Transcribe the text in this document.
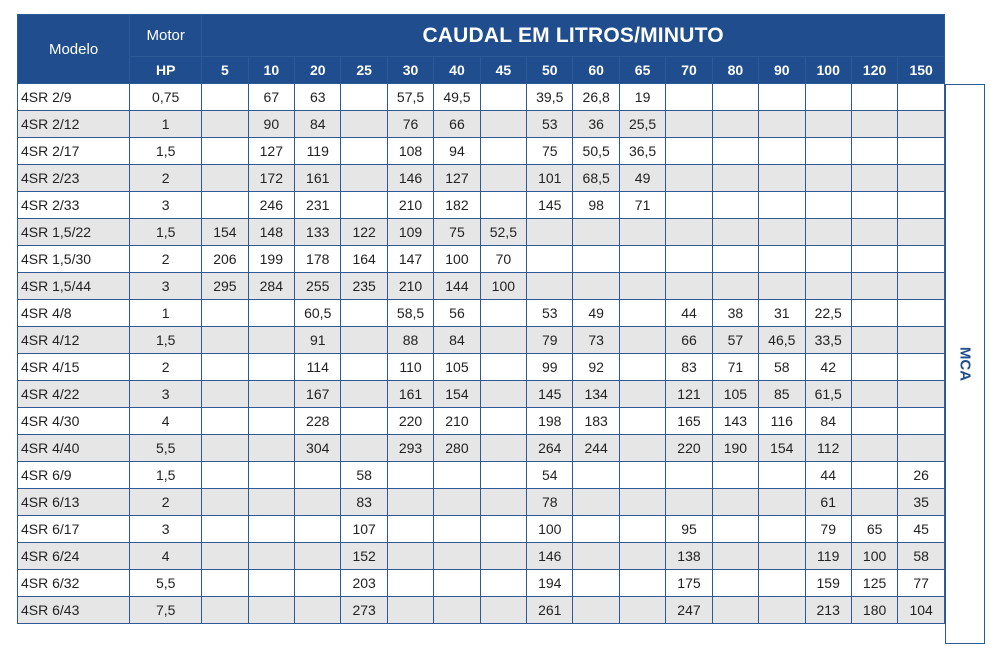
Modelo	Motor	CAUDAL EM LITROS/MINUTO															
	HP	5	10	20	25	30	40	45	50	60	65	70	80	90	100	120	150
4SR 2/9	0,75		67	63		57,5	49,5		39,5	26,8	19						
4SR 2/12	1		90	84		76	66		53	36	25,5						
4SR 2/17	1,5		127	119		108	94		75	50,5	36,5						
4SR 2/23	2		172	161		146	127		101	68,5	49						
4SR 2/33	3		246	231		210	182		145	98	71						
4SR 1,5/22	1,5	154	148	133	122	109	75	52,5									
4SR 1,5/30	2	206	199	178	164	147	100	70									
4SR 1,5/44	3	295	284	255	235	210	144	100									
4SR 4/8	1			60,5		58,5	56		53	49		44	38	31	22,5		
4SR 4/12	1,5			91		88	84		79	73		66	57	46,5	33,5		
4SR 4/15	2			114		110	105		99	92		83	71	58	42		
4SR 4/22	3			167		161	154		145	134		121	105	85	61,5		
4SR 4/30	4			228		220	210		198	183		165	143	116	84		
4SR 4/40	5,5			304		293	280		264	244		220	190	154	112		
4SR 6/9	1,5				58				54						44		26
4SR 6/13	2				83				78						61		35
4SR 6/17	3				107				100			95			79	65	45
4SR 6/24	4				152				146			138			119	100	58
4SR 6/32	5,5				203				194			175			159	125	77
4SR 6/43	7,5				273				261			247			213	180	104
MCA
